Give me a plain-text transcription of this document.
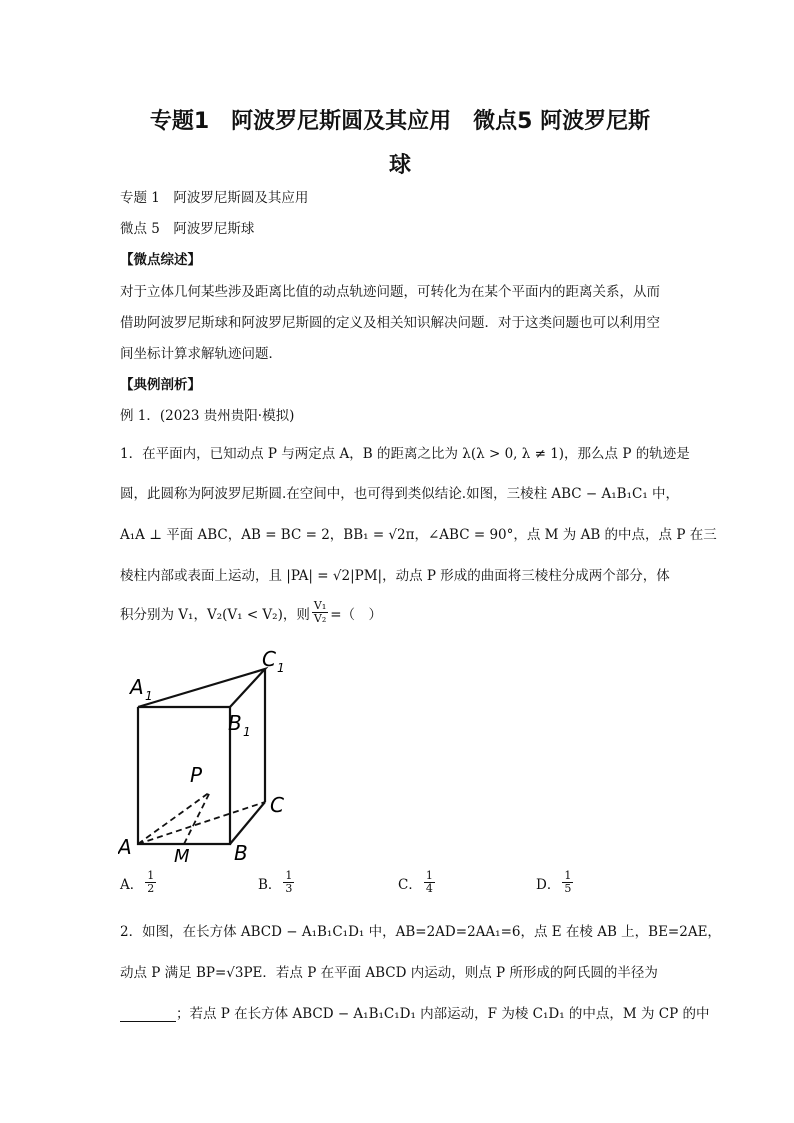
专题1　阿波罗尼斯圆及其应用　微点5 阿波罗尼斯
球
专题 1　阿波罗尼斯圆及其应用
微点 5　阿波罗尼斯球
【微点综述】
对于立体几何某些涉及距离比值的动点轨迹问题，可转化为在某个平面内的距离关系，从而
借助阿波罗尼斯球和阿波罗尼斯圆的定义及相关知识解决问题．对于这类问题也可以利用空
间坐标计算求解轨迹问题．
【典例剖析】
例 1．(2023 贵州贵阳·模拟)
1．在平面内，已知动点 P 与两定点 A，B 的距离之比为 λ(λ > 0, λ ≠ 1)，那么点 P 的轨迹是
圆，此圆称为阿波罗尼斯圆.在空间中，也可得到类似结论.如图，三棱柱 ABC − A₁B₁C₁ 中，
A₁A ⊥ 平面 ABC，AB = BC = 2，BB₁ = √2π，∠ABC = 90°，点 M 为 AB 的中点，点 P 在三
棱柱内部或表面上运动，且 |PA| = √2|PM|，动点 P 形成的曲面将三棱柱分成两个部分，体
积分别为 V₁，V₂(V₁ < V₂)，则 $\frac{\text{V₁}}{\text{V₂}}$ =（　）
C 1
A 1
B 1
P
C
A M B
A． $\frac{1}{2}$	B． $\frac{1}{3}$	C． $\frac{1}{4}$	D． $\frac{1}{5}$
2．如图，在长方体 ABCD − A₁B₁C₁D₁ 中，AB=2AD=2AA₁=6，点 E 在棱 AB 上，BE=2AE，
动点 P 满足 BP=√3PE．若点 P 在平面 ABCD 内运动，则点 P 所形成的阿氏圆的半径为
；若点 P 在长方体 ABCD − A₁B₁C₁D₁ 内部运动，F 为棱 C₁D₁ 的中点，M 为 CP 的中
